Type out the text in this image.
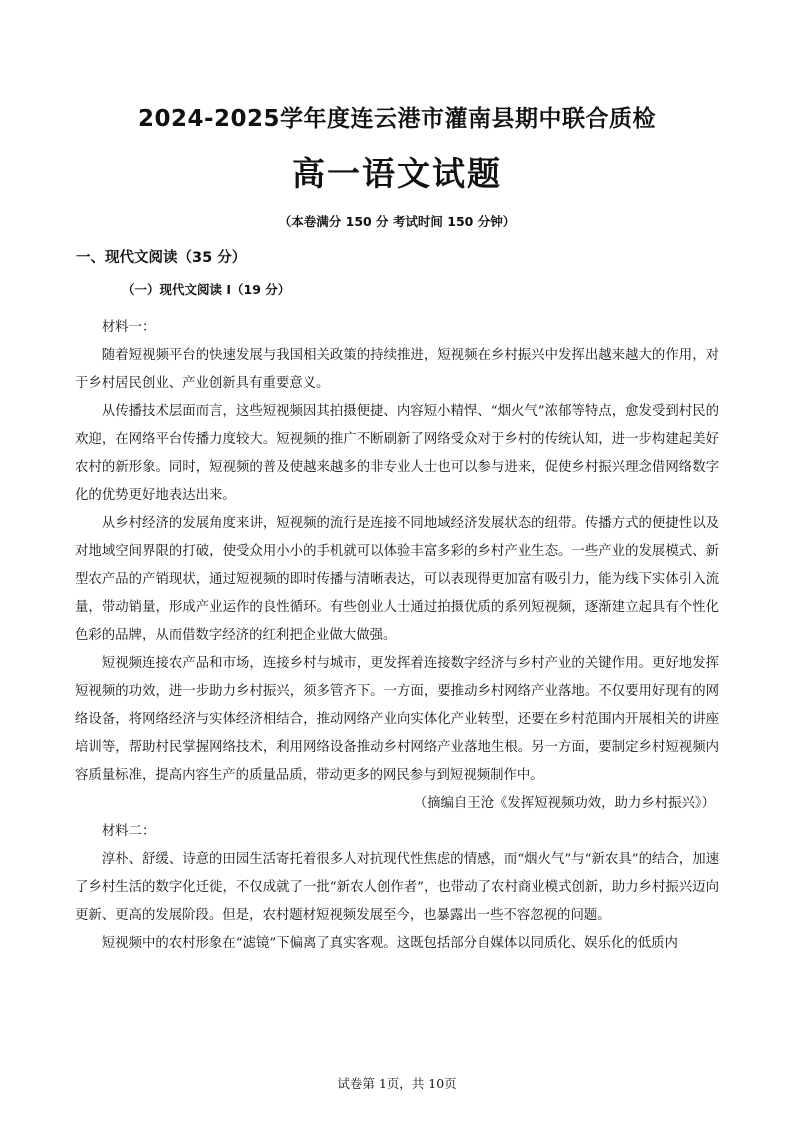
2024-2025学年度连云港市灌南县期中联合质检
高一语文试题
（本卷满分 150 分 考试时间 150 分钟）
一、现代文阅读（35 分）
（一）现代文阅读 I（19 分）

材料一：

随着短视频平台的快速发展与我国相关政策的持续推进，短视频在乡村振兴中发挥出越来越大的作用，对于乡村居民创业、产业创新具有重要意义。

从传播技术层面而言，这些短视频因其拍摄便捷、内容短小精悍、“烟火气”浓郁等特点，愈发受到村民的欢迎，在网络平台传播力度较大。短视频的推广不断刷新了网络受众对于乡村的传统认知，进一步构建起美好农村的新形象。同时，短视频的普及使越来越多的非专业人士也可以参与进来，促使乡村振兴理念借网络数字化的优势更好地表达出来。

从乡村经济的发展角度来讲，短视频的流行是连接不同地域经济发展状态的纽带。传播方式的便捷性以及对地域空间界限的打破，使受众用小小的手机就可以体验丰富多彩的乡村产业生态。一些产业的发展模式、新型农产品的产销现状，通过短视频的即时传播与清晰表达，可以表现得更加富有吸引力，能为线下实体引入流量，带动销量，形成产业运作的良性循环。有些创业人士通过拍摄优质的系列短视频，逐渐建立起具有个性化色彩的品牌，从而借数字经济的红利把企业做大做强。

短视频连接农产品和市场，连接乡村与城市，更发挥着连接数字经济与乡村产业的关键作用。更好地发挥短视频的功效，进一步助力乡村振兴，须多管齐下。一方面，要推动乡村网络产业落地。不仅要用好现有的网络设备，将网络经济与实体经济相结合，推动网络产业向实体化产业转型，还要在乡村范围内开展相关的讲座培训等，帮助村民掌握网络技术，利用网络设备推动乡村网络产业落地生根。另一方面，要制定乡村短视频内容质量标准，提高内容生产的质量品质，带动更多的网民参与到短视频制作中。

（摘编自王沧《发挥短视频功效，助力乡村振兴》）

材料二：

淳朴、舒缓、诗意的田园生活寄托着很多人对抗现代性焦虑的情感，而“烟火气”与“新农具”的结合，加速了乡村生活的数字化迁徙，不仅成就了一批“新农人创作者”，也带动了农村商业模式创新，助力乡村振兴迈向更新、更高的发展阶段。但是，农村题材短视频发展至今，也暴露出一些不容忽视的问题。

短视频中的农村形象在“滤镜”下偏离了真实客观。这既包括部分自媒体以同质化、娱乐化的低质内

试卷第 1页，共 10页
